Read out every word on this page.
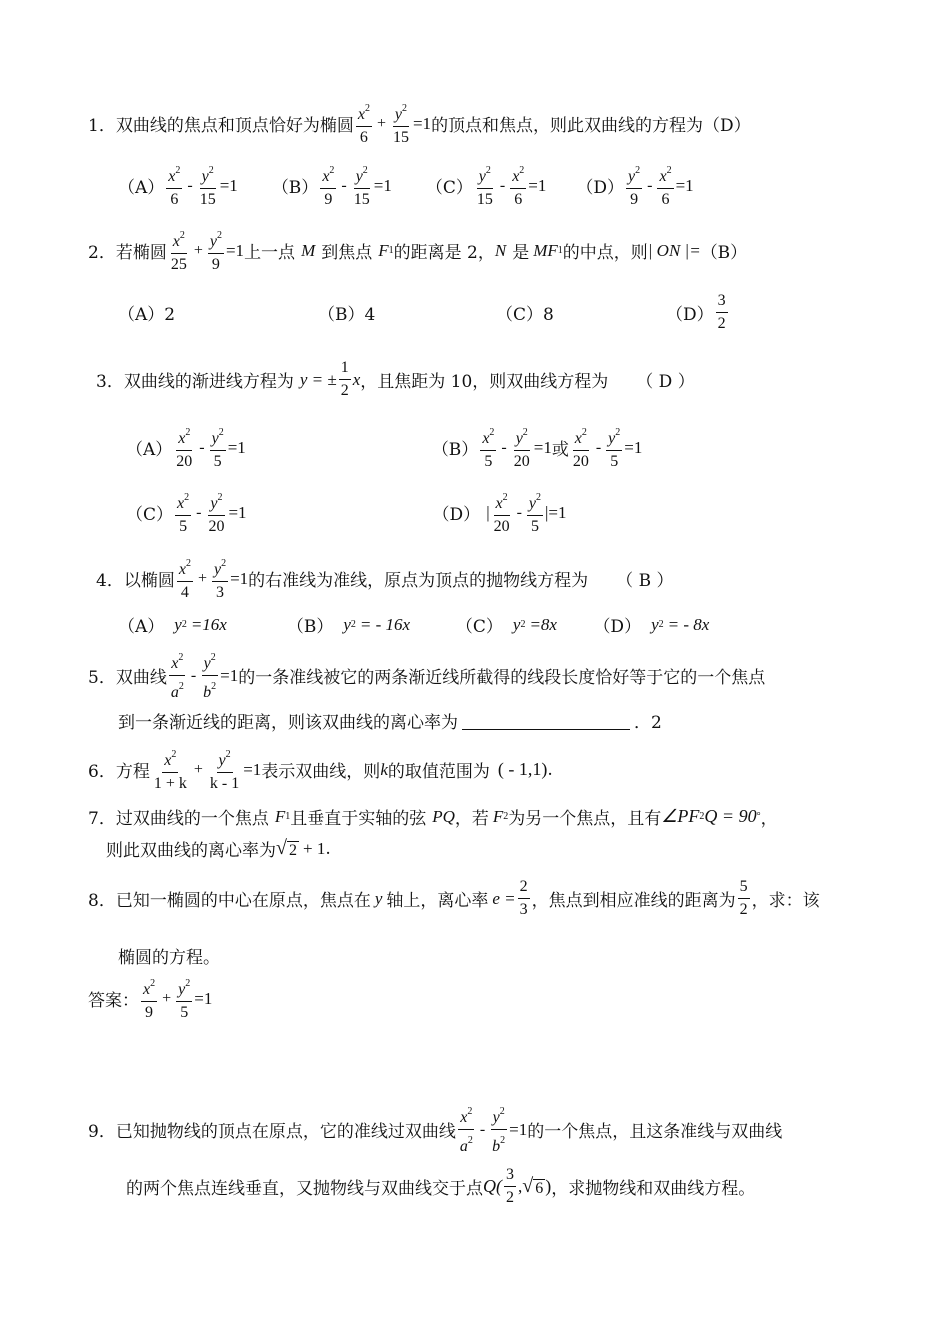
1． 双曲线的焦点和顶点恰好为椭圆 $\frac{x^2}{6} + \frac{y^2}{15} =1$ 的顶点和焦点，则此双曲线的方程为（D）
$(A) \frac{x^2}{6} - \frac{y^2}{15} =1$ $(B) \frac{x^2}{9} - \frac{y^2}{15} =1$ $(C) \frac{y^2}{15} - \frac{x^2}{6} =1$ $(D) \frac{y^2}{9} - \frac{x^2}{6} =1$
2． 若椭圆 $\frac{x^2}{25} + \frac{y^2}{9} =1$ 上一点 M 到焦点 F 1 的距离是 2， N 是 MF 1 的中点，则 | ON |= （B）
（A）2	（B）4	（C）8	$(D) \frac{3}{2}$
3． 双曲线的渐进线方程为 y = ± $\frac{1}{2}$ x ，且焦距为 10，则双曲线方程为 （ D ）
$(A) \frac{x^2}{20} - \frac{y^2}{5} =1$	$(B) \frac{x^2}{5} - \frac{y^2}{20} =1$ 或 $\frac{x^2}{20} - \frac{y^2}{5} =1$
$(C) \frac{x^2}{5} - \frac{y^2}{20} =1$	（D） | $\frac{x^2}{20} - \frac{y^2}{5} |=1$
4． 以椭圆 $\frac{x^2}{4} + \frac{y^2}{3} =1$ 的右准线为准线，原点为顶点的抛物线方程为 （ B ）
（A） y 2 =16x	（B） y 2 = - 16x	（C） y 2 =8x	（D） y 2 = - 8x
5． 双曲线 $\frac{x^2}{a^2} - \frac{y^2}{b^2} =1$ 的一条准线被它的两条渐近线所截得的线段长度恰好等于它的一个焦点
到一条渐近线的距离，则该双曲线的离心率为	．2
6． 方程 $\frac{x^2}{1 + k} + \frac{y^2}{k - 1} =1$ 表示双曲线，则 k 的取值范围为 ( - 1,1) .
7． 过双曲线的一个焦点 F 1 且垂直于实轴的弦 PQ ，若 F 2 为另一个焦点，且有 ∠PF 2 Q = 90 ° ，
则此双曲线的离心率为 √ 2 + 1 .
8． 已知一椭圆的中心在原点，焦点在 y 轴上，离心率 $e = \frac{2}{3}$ ，焦点到相应准线的距离为 $\frac{5}{2}$ ，求：该
椭圆的方程。
答案： $\frac{x^2}{9} + \frac{y^2}{5} =1$
9． 已知抛物线的顶点在原点，它的准线过双曲线 $\frac{x^2}{a^2} - \frac{y^2}{b^2} =1$ 的一个焦点，且这条准线与双曲线
的两个焦点连线垂直，又抛物线与双曲线交于点 $Q( \frac{3}{2}$ , √ 6 ) ，求抛物线和双曲线方程。
